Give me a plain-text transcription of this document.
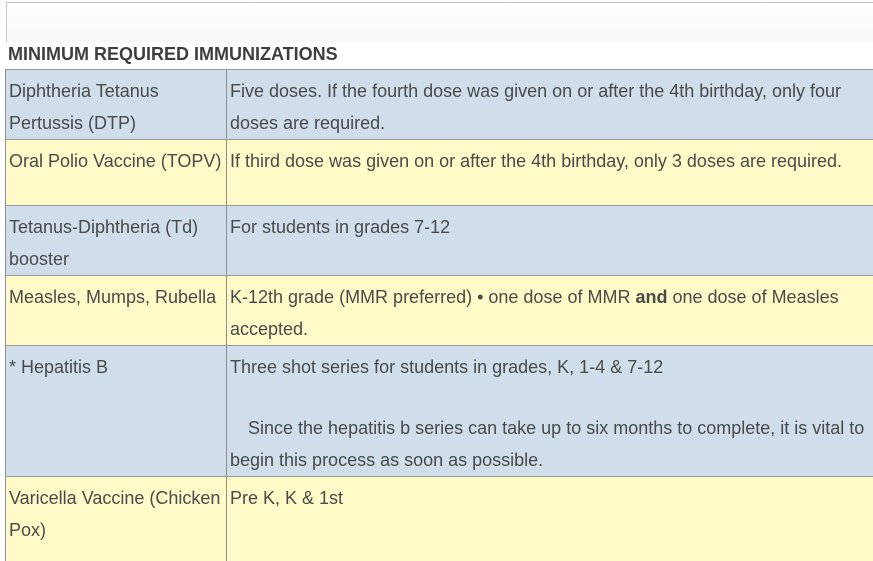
MINIMUM REQUIRED IMMUNIZATIONS
Diphtheria Tetanus Pertussis (DTP)	Five doses. If the fourth dose was given on or after the 4th birthday, only four doses are required.
Oral Polio Vaccine (TOPV)	If third dose was given on or after the 4th birthday, only 3 doses are required.
Tetanus-Diphtheria (Td) booster	For students in grades 7-12
Measles, Mumps, Rubella	K-12th grade (MMR preferred) • one dose of MMR and one dose of Measles accepted.
* Hepatitis B	Three shot series for students in grades, K, 1-4 & 7-12
Since the hepatitis b series can take up to six months to complete, it is vital to begin this process as soon as possible.

Varicella Vaccine (Chicken Pox)	Pre K, K & 1st
